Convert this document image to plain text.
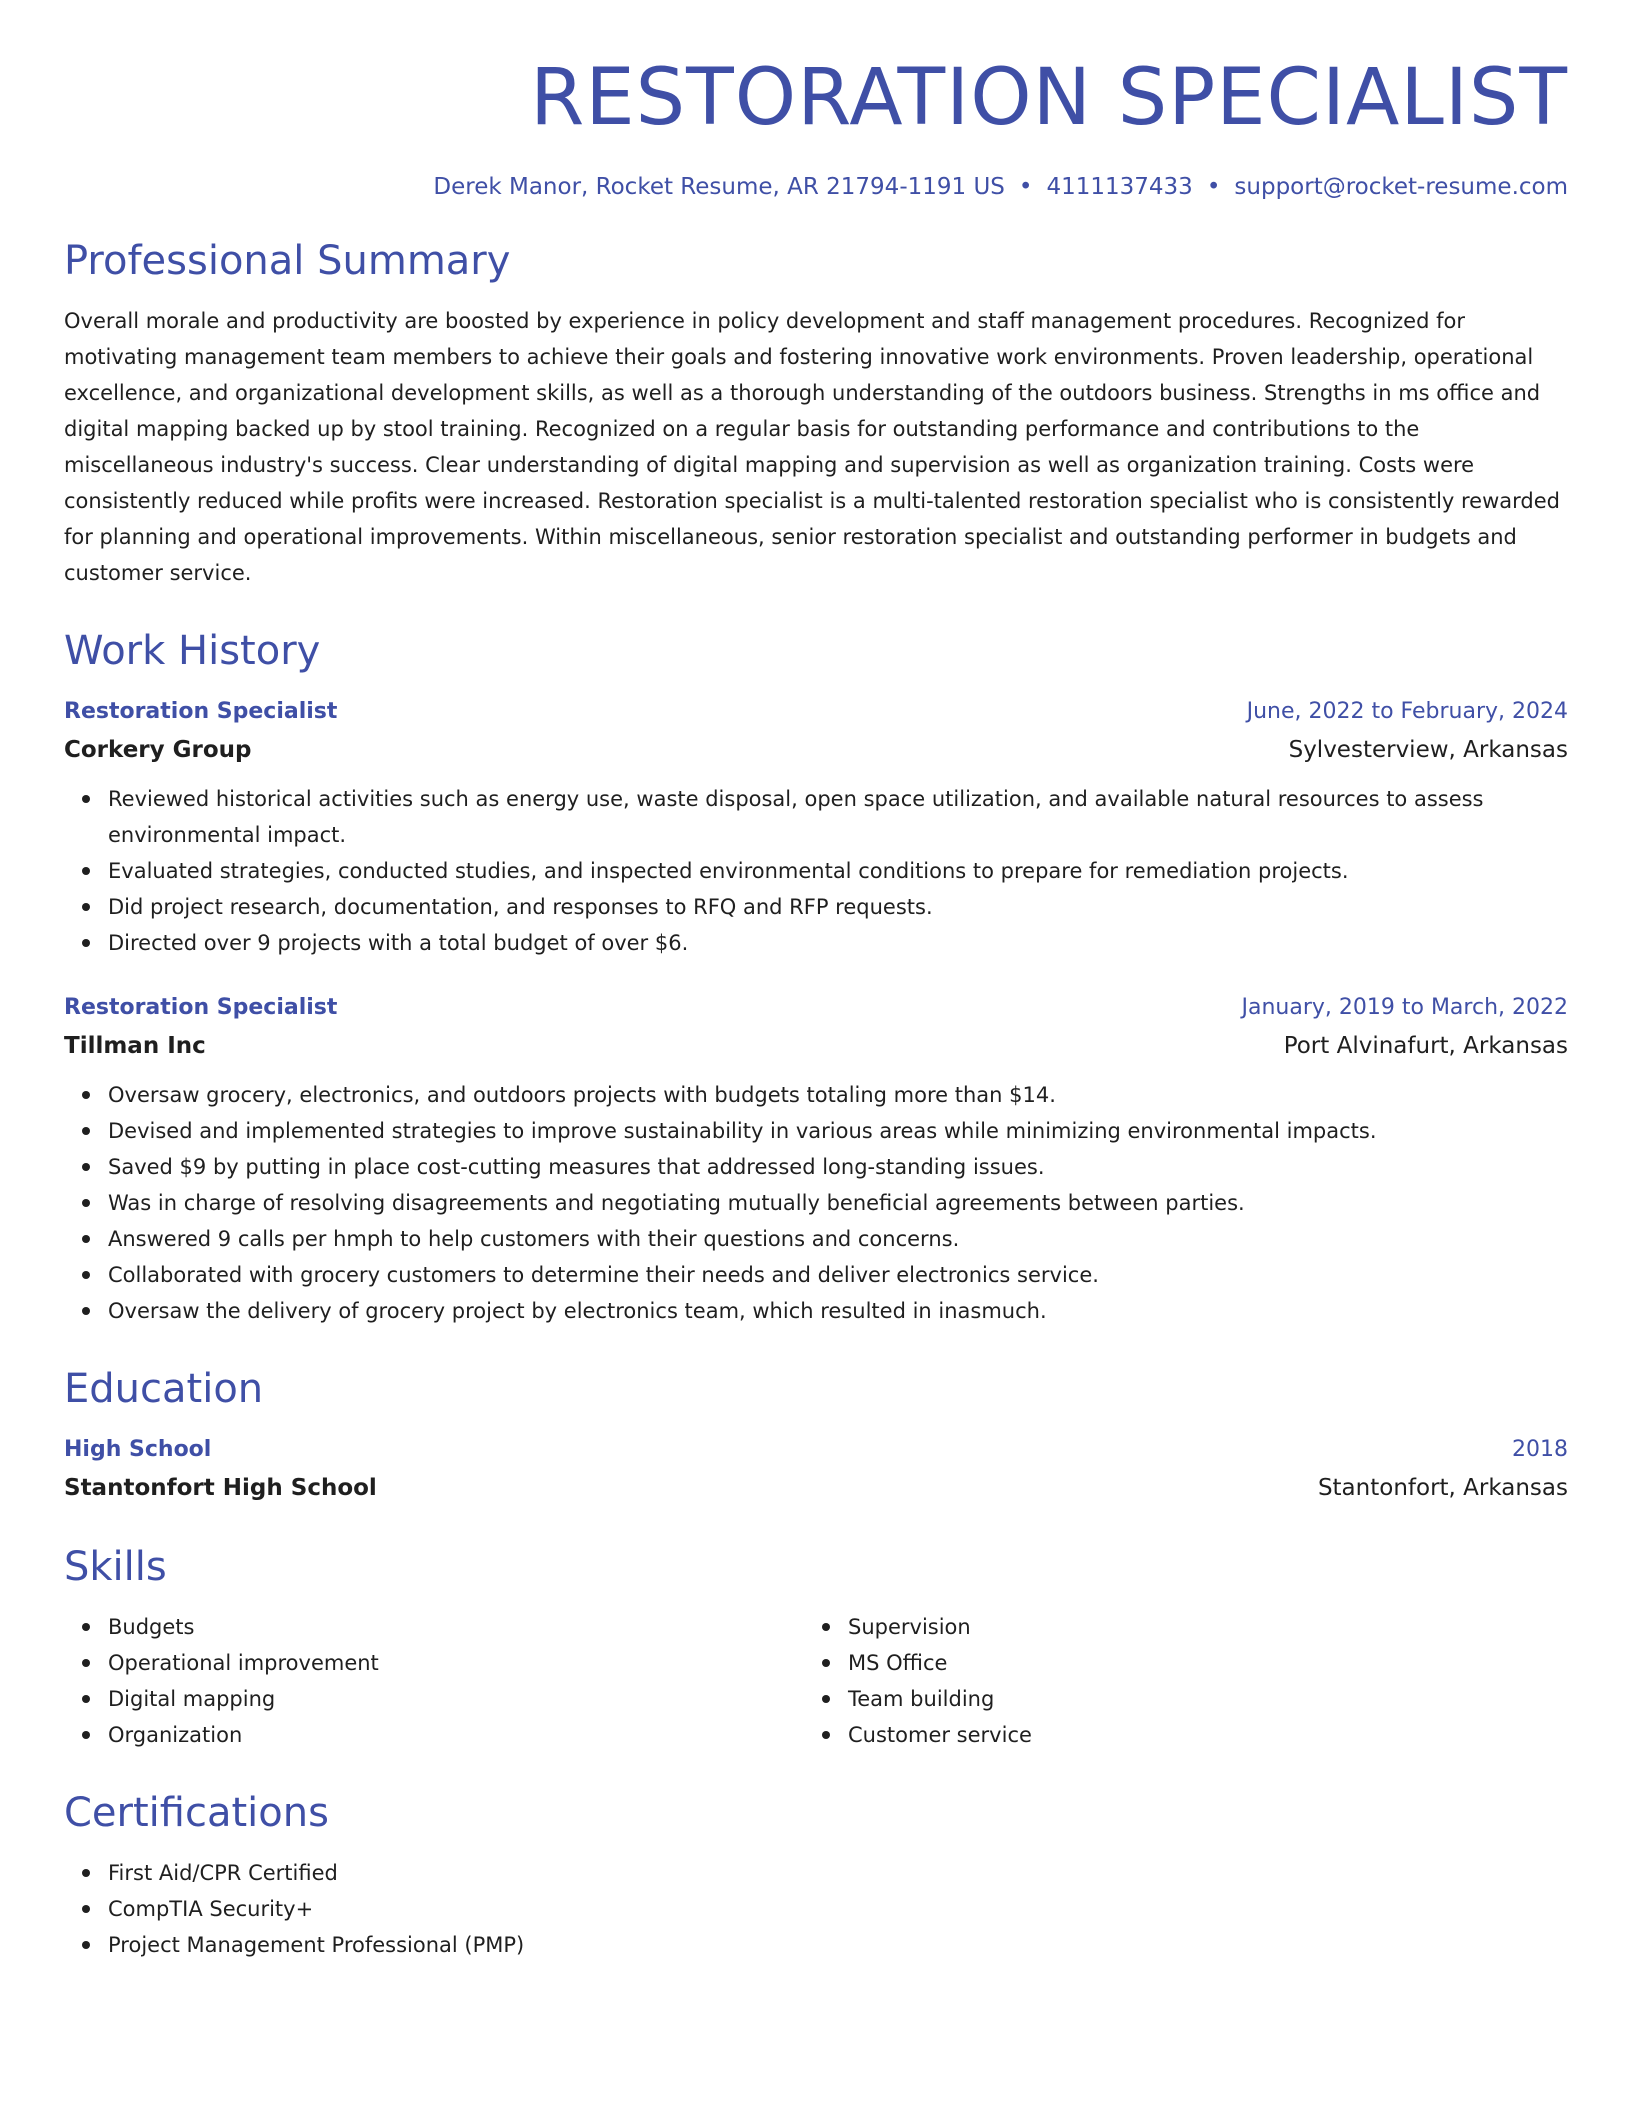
RESTORATION SPECIALIST
Derek Manor, Rocket Resume, AR 21794-1191 US • 4111137433 • support@rocket-resume.com
Professional Summary

Overall morale and productivity are boosted by experience in policy development and staff management procedures. Recognized for motivating management team members to achieve their goals and fostering innovative work environments. Proven leadership, operational excellence, and organizational development skills, as well as a thorough understanding of the outdoors business. Strengths in ms office and digital mapping backed up by stool training. Recognized on a regular basis for outstanding performance and contributions to the miscellaneous industry's success. Clear understanding of digital mapping and supervision as well as organization training. Costs were consistently reduced while profits were increased. Restoration specialist is a multi-talented restoration specialist who is consistently rewarded for planning and operational improvements. Within miscellaneous, senior restoration specialist and outstanding performer in budgets and customer service.

Work History
Restoration Specialist	June, 2022 to February, 2024
Corkery Group	Sylvesterview, Arkansas
Reviewed historical activities such as energy use, waste disposal, open space utilization, and available natural resources to assess environmental impact.
Evaluated strategies, conducted studies, and inspected environmental conditions to prepare for remediation projects.
Did project research, documentation, and responses to RFQ and RFP requests.
Directed over 9 projects with a total budget of over $6.
Restoration Specialist	January, 2019 to March, 2022
Tillman Inc	Port Alvinafurt, Arkansas
Oversaw grocery, electronics, and outdoors projects with budgets totaling more than $14.
Devised and implemented strategies to improve sustainability in various areas while minimizing environmental impacts.
Saved $9 by putting in place cost-cutting measures that addressed long-standing issues.
Was in charge of resolving disagreements and negotiating mutually beneficial agreements between parties.
Answered 9 calls per hmph to help customers with their questions and concerns.
Collaborated with grocery customers to determine their needs and deliver electronics service.
Oversaw the delivery of grocery project by electronics team, which resulted in inasmuch.
Education
High School	2018
Stantonfort High School	Stantonfort, Arkansas
Skills
Budgets
Operational improvement
Digital mapping
Organization
Supervision
MS Office
Team building
Customer service
Certifications
First Aid/CPR Certified
CompTIA Security+
Project Management Professional (PMP)
